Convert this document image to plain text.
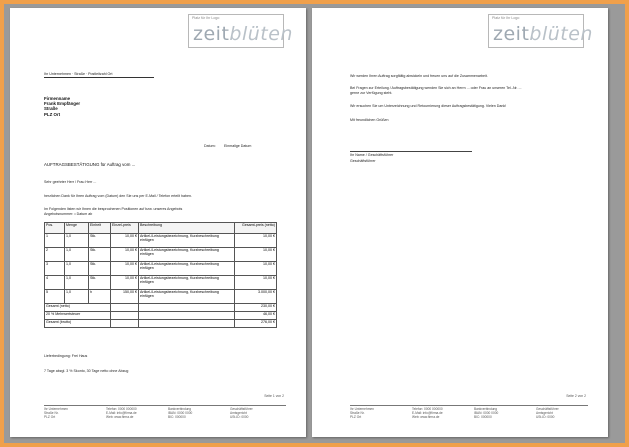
Platz für Ihr Logo
zeitblüten
Ihr Unternehmen · Straße · Postleitzahl Ort
Firmenname
Frank Empfänger
Straße
PLZ Ort
Datum: Einmalige Datum
AUFTRAGSBESTÄTIGUNG für Auftrag vom ...
Sehr geehrter Herr / Frau Herr ...
herzlichen Dank für Ihren Auftrag vom (Datum) den Sie uns per E-Mail / Telefon erteilt haben.
Im Folgenden listen wir Ihnen die besprochenen Positionen auf bzw. unseres Angebots
Angebotsnummer: • Datum ab
Pos.	Menge	Einheit	Einzel-preis	Beschreibung	Gesamt-preis (netto)
1	1,0	Stk.	10,00 €	Artikel-/Leistungsbezeichnung, Kurzbeschreibung einfügen	10,00 €
2	1,0	Stk.	10,00 €	Artikel-/Leistungsbezeichnung, Kurzbeschreibung einfügen	10,00 €
3	1,0	Stk.	10,00 €	Artikel-/Leistungsbezeichnung, Kurzbeschreibung einfügen	10,00 €
4	1,0	Stk.	10,00 €	Artikel-/Leistungsbezeichnung, Kurzbeschreibung einfügen	10,00 €
5	1,0	h	150,00 €	Artikel-/Leistungsbezeichnung, Kurzbeschreibung einfügen	3.000,00 €
Gesamt (netto)					230,00 €
20 % Mehrwertsteuer					46,00 €
Gesamt (brutto)					276,00 €
Lieferbedingung: Frei Haus
7 Tage abzgl. 3 % Skonto, 30 Tage netto ohne Abzug
Seite 1 von 2
Ihr Unternehmen
Straße Nr.
PLZ Ort
Telefon: 0000 000000
E-Mail: info@firma.de
Web: www.firma.de
Bankverbindung
IBAN: 0000 0000
BIC: 000000
Geschäftsführer
Amtsgericht
USt-ID: 0000
Platz für Ihr Logo
zeitblüten
Wir werden Ihren Auftrag sorgfältig abwickeln und freuen uns auf die Zusammenarbeit.
Bei Fragen zur Erteilung / Auftragsbestätigung wenden Sie sich an Herrn ... oder Frau an unseren Tel.-Nr. ...
gerne zur Verfügung steht.
Wir ersuchen Sie um Unterzeichnung und Retournierung dieser Auftragsbestätigung. Vielen Dank!
Mit freundlichen Grüßen
Ihr Name / Geschäftsführer
Geschäftsführer
Seite 2 von 2
Ihr Unternehmen
Straße Nr.
PLZ Ort
Telefon: 0000 000000
E-Mail: info@firma.de
Web: www.firma.de
Bankverbindung
IBAN: 0000 0000
BIC: 000000
Geschäftsführer
Amtsgericht
USt-ID: 0000
